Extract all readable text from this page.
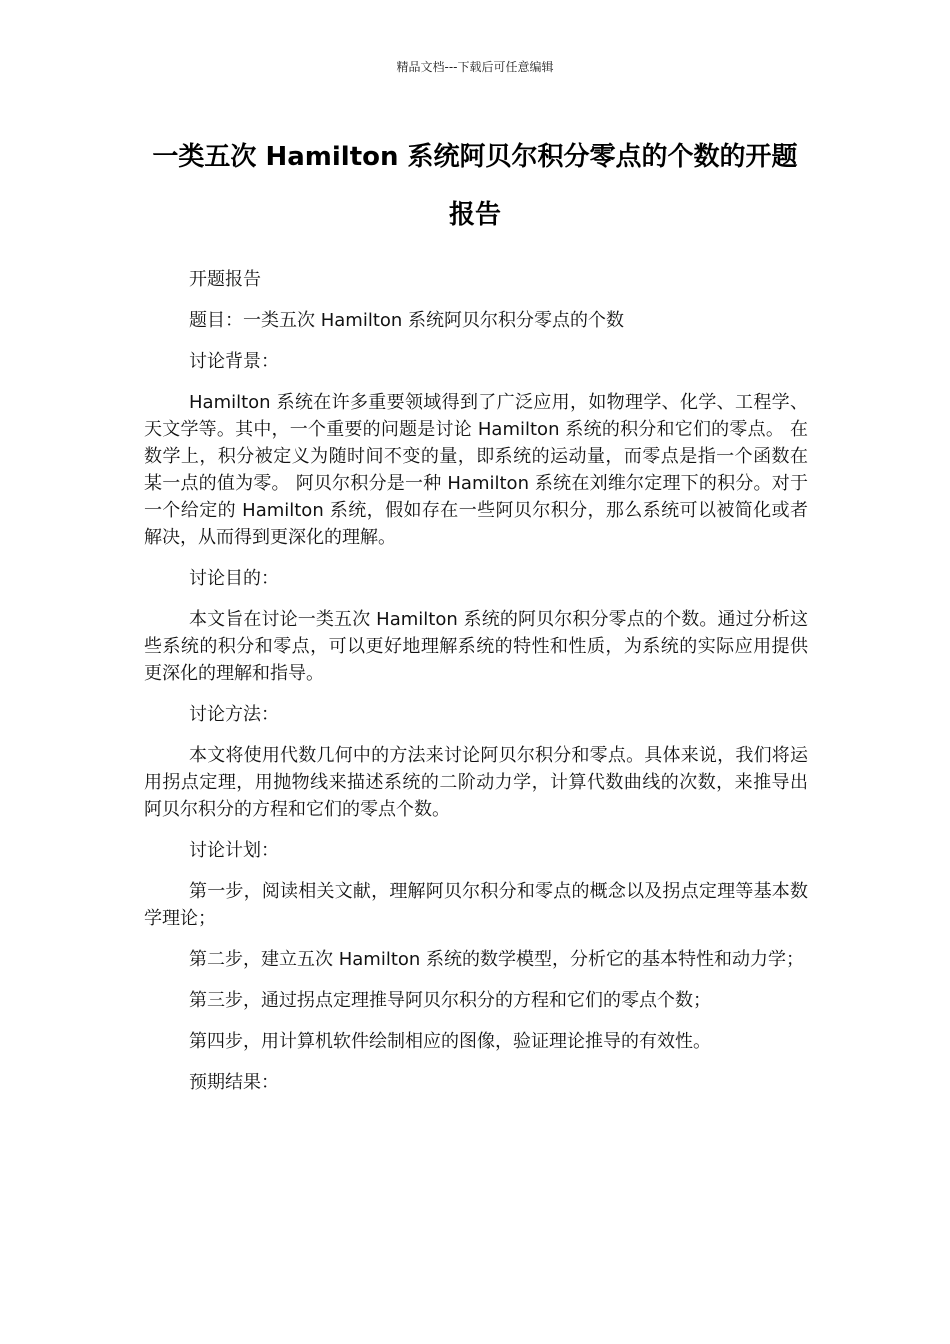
精品文档---下载后可任意编辑
一类五次 Hamilton 系统阿贝尔积分零点的个数的开题报告

开题报告

题目：一类五次 Hamilton 系统阿贝尔积分零点的个数

讨论背景：

Hamilton 系统在许多重要领域得到了广泛应用，如物理学、化学、工程学、天文学等。其中，一个重要的问题是讨论 Hamilton 系统的积分和它们的零点。 在数学上，积分被定义为随时间不变的量，即系统的运动量，而零点是指一个函数在某一点的值为零。 阿贝尔积分是一种 Hamilton 系统在刘维尔定理下的积分。对于一个给定的 Hamilton 系统，假如存在一些阿贝尔积分，那么系统可以被简化或者解决，从而得到更深化的理解。

讨论目的：

本文旨在讨论一类五次 Hamilton 系统的阿贝尔积分零点的个数。通过分析这些系统的积分和零点，可以更好地理解系统的特性和性质，为系统的实际应用提供更深化的理解和指导。

讨论方法：

本文将使用代数几何中的方法来讨论阿贝尔积分和零点。具体来说，我们将运用拐点定理，用抛物线来描述系统的二阶动力学，计算代数曲线的次数，来推导出阿贝尔积分的方程和它们的零点个数。

讨论计划：

第一步，阅读相关文献，理解阿贝尔积分和零点的概念以及拐点定理等基本数学理论；

第二步，建立五次 Hamilton 系统的数学模型，分析它的基本特性和动力学；

第三步，通过拐点定理推导阿贝尔积分的方程和它们的零点个数；

第四步，用计算机软件绘制相应的图像，验证理论推导的有效性。

预期结果：
